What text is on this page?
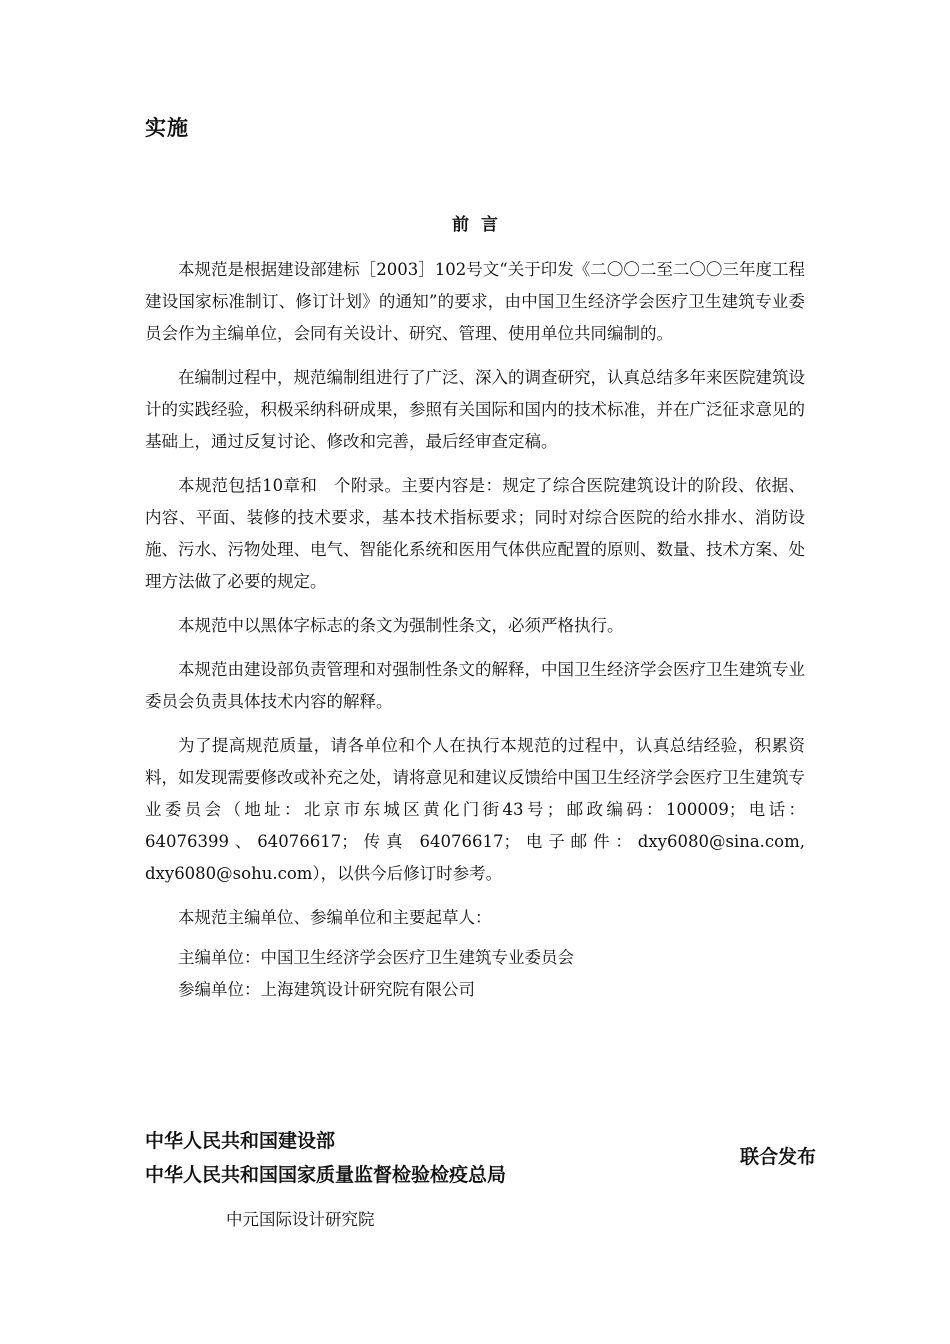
实施
前言

本规范是根据建设部建标［2003］102号文“关于印发《二〇〇二至二〇〇三年度工程建设国家标准制订、修订计划》的通知”的要求，由中国卫生经济学会医疗卫生建筑专业委员会作为主编单位，会同有关设计、研究、管理、使用单位共同编制的。

在编制过程中，规范编制组进行了广泛、深入的调查研究，认真总结多年来医院建筑设计的实践经验，积极采纳科研成果，参照有关国际和国内的技术标准，并在广泛征求意见的基础上，通过反复讨论、修改和完善，最后经审查定稿。

本规范包括10章和　个附录。主要内容是：规定了综合医院建筑设计的阶段、依据、内容、平面、装修的技术要求，基本技术指标要求；同时对综合医院的给水排水、消防设施、污水、污物处理、电气、智能化系统和医用气体供应配置的原则、数量、技术方案、处理方法做了必要的规定。

本规范中以黑体字标志的条文为强制性条文，必须严格执行。

本规范由建设部负责管理和对强制性条文的解释，中国卫生经济学会医疗卫生建筑专业委员会负责具体技术内容的解释。

为了提高规范质量，请各单位和个人在执行本规范的过程中，认真总结经验，积累资料，如发现需要修改或补充之处，请将意见和建议反馈给中国卫生经济学会医疗卫生建筑专业委员会（地址：北京市东城区黄化门街43号；邮政编码：100009；电话：64076399、64076617；传真 64076617；电子邮件：dxy6080@sina.com, dxy6080@sohu.com），以供今后修订时参考。

本规范主编单位、参编单位和主要起草人：

主编单位：中国卫生经济学会医疗卫生建筑专业委员会
参编单位：上海建筑设计研究院有限公司
中华人民共和国建设部
中华人民共和国国家质量监督检验检疫总局
联合发布
中元国际设计研究院
